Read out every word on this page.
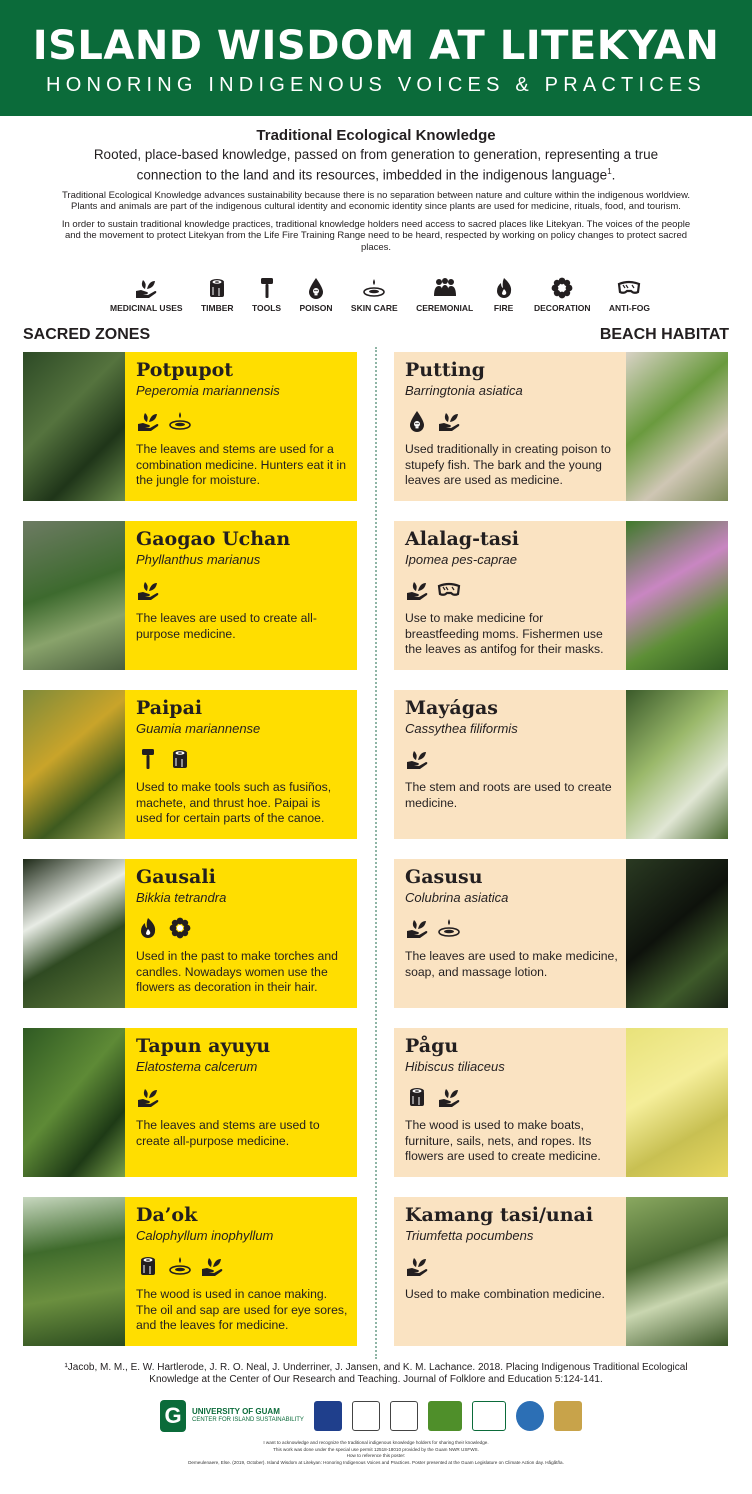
ISLAND WISDOM AT LITEKYAN
HONORING INDIGENOUS VOICES & PRACTICES
Traditional Ecological Knowledge
Rooted, place-based knowledge, passed on from generation to generation, representing a true connection to the land and its resources, imbedded in the indigenous language$^1$.
Traditional Ecological Knowledge advances sustainability because there is no separation between nature and culture within the indigenous worldview. Plants and animals are part of the indigenous cultural identity and economic identity since plants are used for medicine, rituals, food, and tourism.
In order to sustain traditional knowledge practices, traditional knowledge holders need access to sacred places like Litekyan. The voices of the people and the movement to protect Litekyan from the Life Fire Training Range need to be heard, respected by working on policy changes to protect sacred places.
MEDICINAL USES TIMBER TOOLS POISON SKIN CARE CEREMONIAL FIRE DECORATION ANTI-FOG
SACRED ZONES	BEACH HABITAT
Potpupot
Peperomia mariannensis
The leaves and stems are used for a combination medicine. Hunters eat it in the jungle for moisture.
Gaogao Uchan
Phyllanthus marianus
The leaves are used to create all-purpose medicine.
Paipai
Guamia mariannense
Used to make tools such as fusiños, machete, and thrust hoe. Paipai is used for certain parts of the canoe.
Gausali
Bikkia tetrandra
Used in the past to make torches and candles. Nowadays women use the flowers as decoration in their hair.
Tapun ayuyu
Elatostema calcerum
The leaves and stems are used to create all-purpose medicine.
Da’ok
Calophyllum inophyllum
The wood is used in canoe making. The oil and sap are used for eye sores, and the leaves for medicine.
Putting
Barringtonia asiatica
Used traditionally in creating poison to stupefy fish. The bark and the young leaves are used as medicine.
Alalag-tasi
Ipomea pes-caprae
Use to make medicine for breastfeeding moms. Fishermen use the leaves as antifog for their masks.
Mayágas
Cassythea filiformis
The stem and roots are used to create medicine.
Gasusu
Colubrina asiatica
The leaves are used to make medicine, soap, and massage lotion.
Pågu
Hibiscus tiliaceus
The wood is used to make boats, furniture, sails, nets, and ropes. Its flowers are used to create medicine.
Kamang tasi/unai
Triumfetta pocumbens
Used to make combination medicine.
¹Jacob, M. M., E. W. Hartlerode, J. R. O. Neal, J. Underriner, J. Jansen, and K. M. Lachance. 2018. Placing Indigenous Traditional Ecological Knowledge at the Center of Our Research and Teaching. Journal of Folklore and Education 5:124-141.
G	UNIVERSITY OF GUAM
CENTER FOR ISLAND SUSTAINABILITY
I want to acknowledge and recognize the traditional indigenous knowledge holders for sharing their knowledge.
This work was done under the special use permit 12518-18010 provided by the Guam NWR USFWS.
How to reference this poster:
Demeulenaere, Else. (2019, October). Island Wisdom at Litekyan: Honoring Indigenous Voices and Practices. Poster presented at the Guam Legislature on Climate Action day. Hågåtña.
